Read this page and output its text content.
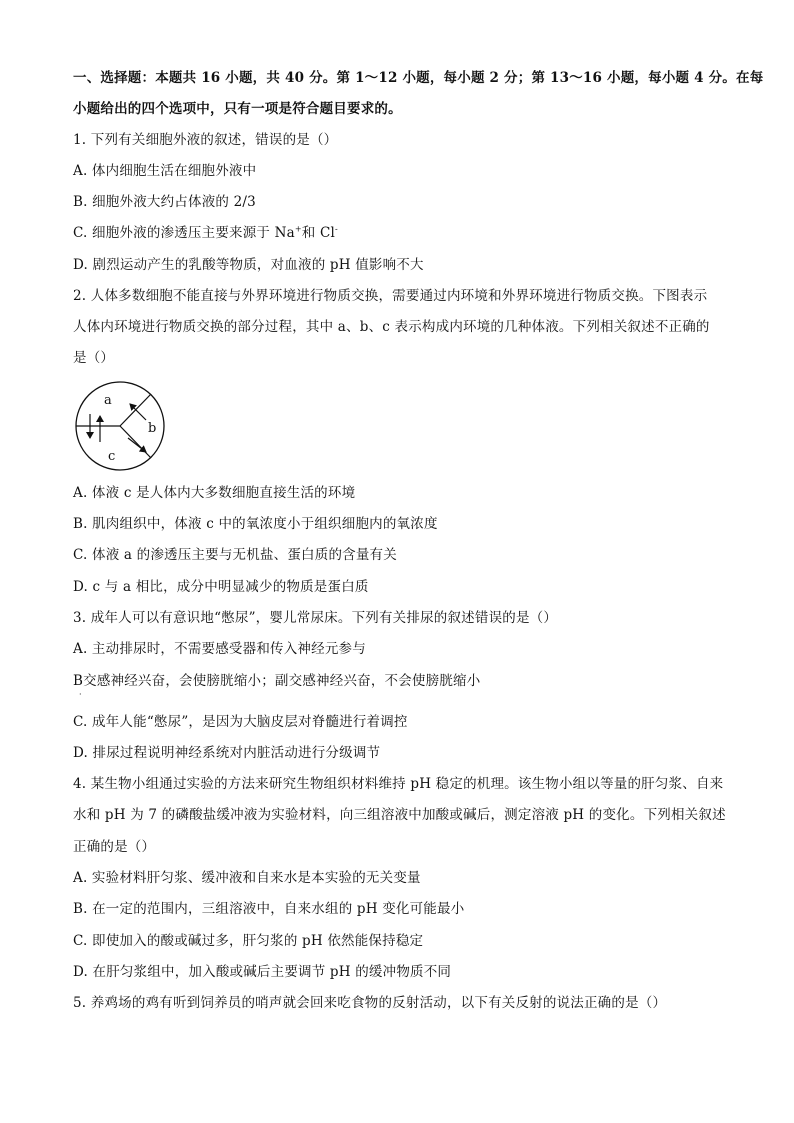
一、选择题：本题共 16 小题，共 40 分。第 1～12 小题，每小题 2 分；第 13～16 小题，每小题 4 分。在每
小题给出的四个选项中，只有一项是符合题目要求的。
1. 下列有关细胞外液的叙述，错误的是（）
A. 体内细胞生活在细胞外液中
B. 细胞外液大约占体液的 2/3
C. 细胞外液的渗透压主要来源于 Na+和 Cl-
D. 剧烈运动产生的乳酸等物质，对血液的 pH 值影响不大
2. 人体多数细胞不能直接与外界环境进行物质交换，需要通过内环境和外界环境进行物质交换。下图表示
人体内环境进行物质交换的部分过程，其中 a、b、c 表示构成内环境的几种体液。下列相关叙述不正确的
是（）
a
b
c
A. 体液 c 是人体内大多数细胞直接生活的环境
B. 肌肉组织中，体液 c 中的氧浓度小于组织细胞内的氧浓度
C. 体液 a 的渗透压主要与无机盐、蛋白质的含量有关
D. c 与 a 相比，成分中明显减少的物质是蛋白质
3. 成年人可以有意识地“憋尿”，婴儿常尿床。下列有关排尿的叙述错误的是（）
A. 主动排尿时，不需要感受器和传入神经元参与
B交感神经兴奋，会使膀胱缩小；副交感神经兴奋，不会使膀胱缩小
·
C. 成年人能“憋尿”，是因为大脑皮层对脊髓进行着调控
D. 排尿过程说明神经系统对内脏活动进行分级调节
4. 某生物小组通过实验的方法来研究生物组织材料维持 pH 稳定的机理。该生物小组以等量的肝匀浆、自来
水和 pH 为 7 的磷酸盐缓冲液为实验材料，向三组溶液中加酸或碱后，测定溶液 pH 的变化。下列相关叙述
正确的是（）
A. 实验材料肝匀浆、缓冲液和自来水是本实验的无关变量
B. 在一定的范围内，三组溶液中，自来水组的 pH 变化可能最小
C. 即使加入的酸或碱过多，肝匀浆的 pH 依然能保持稳定
D. 在肝匀浆组中，加入酸或碱后主要调节 pH 的缓冲物质不同
5. 养鸡场的鸡有听到饲养员的哨声就会回来吃食物的反射活动，以下有关反射的说法正确的是（）
